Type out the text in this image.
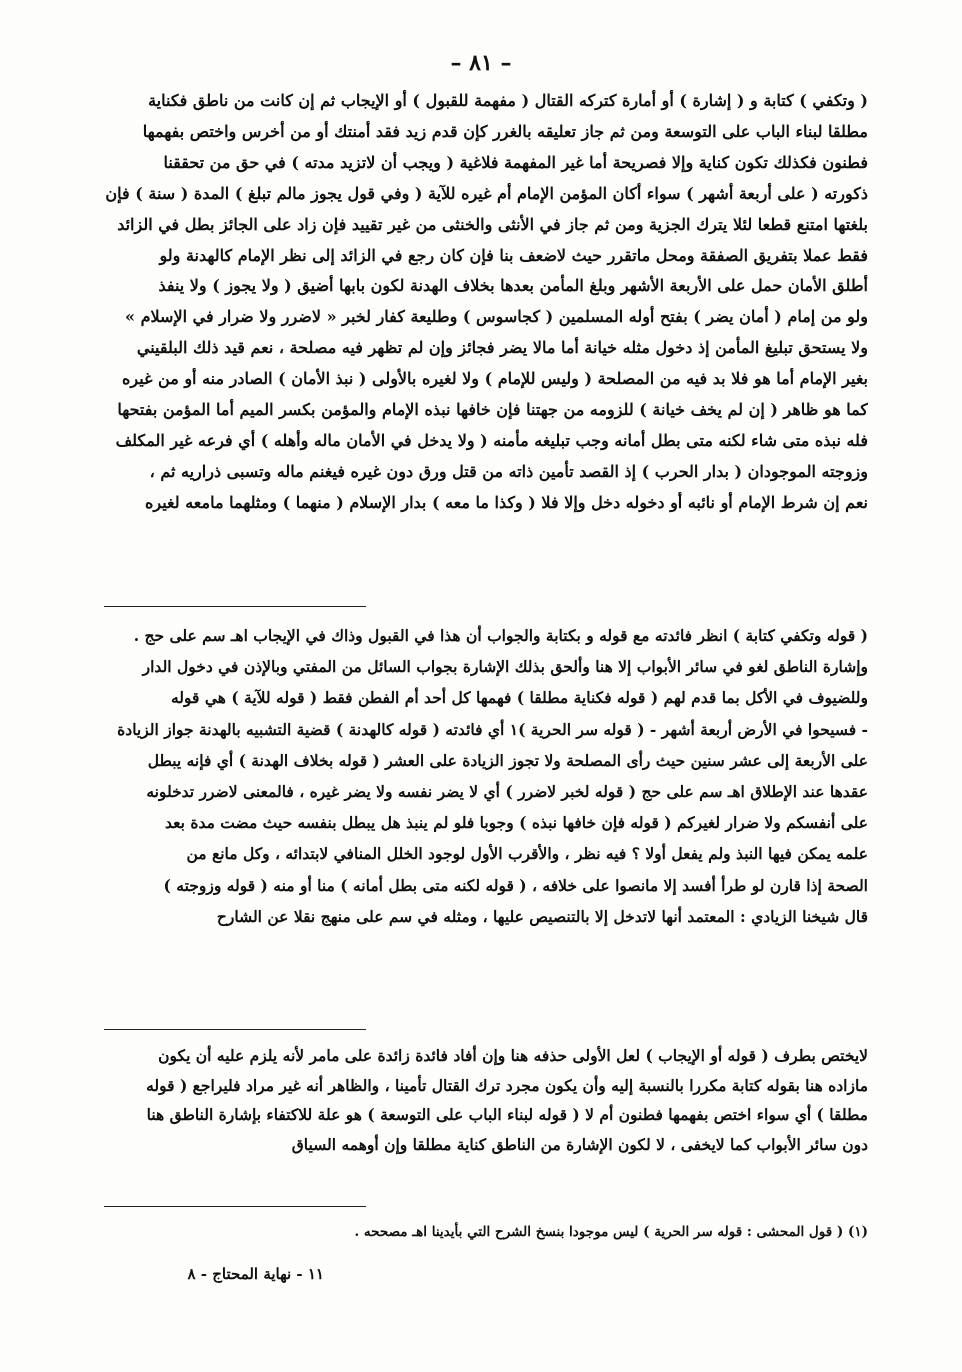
– ٨١ –
( وتكفي ) كتابة و ( إشارة ) أو أمارة كتركه القتال ( مفهمة للقبول ) أو الإيجاب ثم إن كانت من ناطق فكناية
مطلقا لبناء الباب على التوسعة ومن ثم جاز تعليقه بالغرر كإن قدم زيد فقد أمنتك أو من أخرس واختص بفهمها
فطنون فكذلك تكون كناية وإلا فصريحة أما غير المفهمة فلاغية ( ويجب أن لاتزيد مدته ) في حق من تحققنا
ذكورته ( على أربعة أشهر ) سواء أكان المؤمن الإمام أم غيره للآية ( وفي قول يجوز مالم تبلغ ) المدة ( سنة ) فإن
بلغتها امتنع قطعا لئلا يترك الجزية ومن ثم جاز في الأنثى والخنثى من غير تقييد فإن زاد على الجائز بطل في الزائد
فقط عملا بتفريق الصفقة ومحل ماتقرر حيث لاضعف بنا فإن كان رجع في الزائد إلى نظر الإمام كالهدنة ولو
أطلق الأمان حمل على الأربعة الأشهر وبلغ المأمن بعدها بخلاف الهدنة لكون بابها أضيق ( ولا يجوز ) ولا ينفذ
ولو من إمام ( أمان يضر ) بفتح أوله المسلمين ( كجاسوس ) وطليعة كفار لخبر « لاضرر ولا ضرار في الإسلام »
ولا يستحق تبليغ المأمن إذ دخول مثله خيانة أما مالا يضر فجائز وإن لم تظهر فيه مصلحة ، نعم قيد ذلك البلقيني
بغير الإمام أما هو فلا بد فيه من المصلحة ( وليس للإمام ) ولا لغيره بالأولى ( نبذ الأمان ) الصادر منه أو من غيره
كما هو ظاهر ( إن لم يخف خيانة ) للزومه من جهتنا فإن خافها نبذه الإمام والمؤمن بكسر الميم أما المؤمن بفتحها
فله نبذه متى شاء لكنه متى بطل أمانه وجب تبليغه مأمنه ( ولا يدخل في الأمان ماله وأهله ) أي فرعه غير المكلف
وزوجته الموجودان ( بدار الحرب ) إذ القصد تأمين ذاته من قتل ورق دون غيره فيغنم ماله وتسبى ذراريه ثم ،
نعم إن شرط الإمام أو نائبه أو دخوله دخل وإلا فلا ( وكذا ما معه ) بدار الإسلام ( منهما ) ومثلهما مامعه لغيره
( قوله وتكفي كتابة ) انظر فائدته مع قوله و بكتابة والجواب أن هذا في القبول وذاك في الإيجاب اهـ سم على حج .
وإشارة الناطق لغو في سائر الأبواب إلا هنا وألحق بذلك الإشارة بجواب السائل من المفتي وبالإذن في دخول الدار
وللضيوف في الأكل بما قدم لهم ( قوله فكناية مطلقا ) فهمها كل أحد أم الفطن فقط ( قوله للآية ) هي قوله
- فسيحوا في الأرض أربعة أشهر - ( قوله سر الحرية )١ أي فائدته ( قوله كالهدنة ) قضية التشبيه بالهدنة جواز الزيادة
على الأربعة إلى عشر سنين حيث رأى المصلحة ولا تجوز الزيادة على العشر ( قوله بخلاف الهدنة ) أي فإنه يبطل
عقدها عند الإطلاق اهـ سم على حج ( قوله لخبر لاضرر ) أي لا يضر نفسه ولا يضر غيره ، فالمعنى لاضرر تدخلونه
على أنفسكم ولا ضرار لغيركم ( قوله فإن خافها نبذه ) وجوبا فلو لم ينبذ هل يبطل بنفسه حيث مضت مدة بعد
علمه يمكن فيها النبذ ولم يفعل أولا ؟ فيه نظر ، والأقرب الأول لوجود الخلل المنافي لابتدائه ، وكل مانع من
الصحة إذا قارن لو طرأ أفسد إلا مانصوا على خلافه ، ( قوله لكنه متى بطل أمانه ) منا أو منه ( قوله وزوجته )
قال شيخنا الزيادي : المعتمد أنها لاتدخل إلا بالتنصيص عليها ، ومثله في سم على منهج نقلا عن الشارح
لايختص بطرف ( قوله أو الإيجاب ) لعل الأولى حذفه هنا وإن أفاد فائدة زائدة على مامر لأنه يلزم عليه أن يكون
مازاده هنا بقوله كتابة مكررا بالنسبة إليه وأن يكون مجرد ترك القتال تأمينا ، والظاهر أنه غير مراد فليراجع ( قوله
مطلقا ) أي سواء اختص بفهمها فطنون أم لا ( قوله لبناء الباب على التوسعة ) هو علة للاكتفاء بإشارة الناطق هنا
دون سائر الأبواب كما لايخفى ، لا لكون الإشارة من الناطق كناية مطلقا وإن أوهمه السياق
(١) ( قول المحشى : قوله سر الحرية ) ليس موجودا بنسخ الشرح التي بأيدينا اهـ مصححه .
١١ - نهاية المحتاج - ٨
